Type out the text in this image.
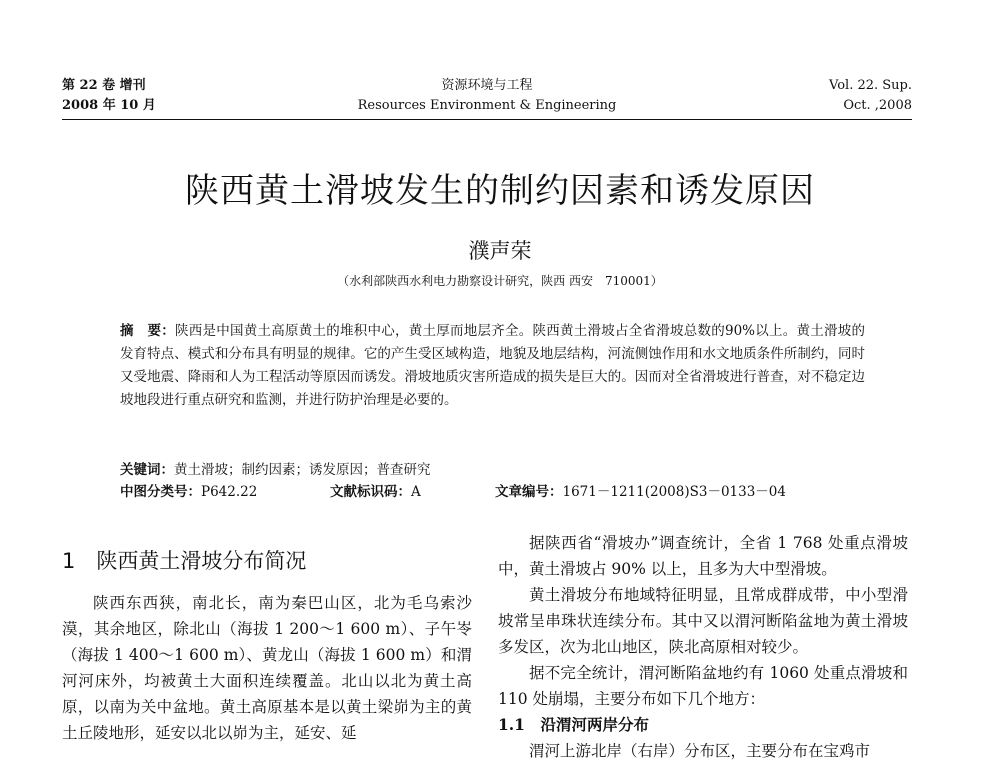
第 22 卷 增刊
2008 年 10 月
资源环境与工程
Resources Environment & Engineering
Vol. 22. Sup.
Oct. ,2008
陕西黄土滑坡发生的制约因素和诱发原因
濮声荣
（水利部陕西水利电力勘察设计研究，陕西 西安　710001）
摘　要：陕西是中国黄土高原黄土的堆积中心，黄土厚而地层齐全。陕西黄土滑坡占全省滑坡总数的90%以上。黄土滑坡的发育特点、模式和分布具有明显的规律。它的产生受区域构造，地貌及地层结构，河流侧蚀作用和水文地质条件所制约，同时又受地震、降雨和人为工程活动等原因而诱发。滑坡地质灾害所造成的损失是巨大的。因而对全省滑坡进行普查，对不稳定边坡地段进行重点研究和监测，并进行防护治理是必要的。
关键词：黄土滑坡；制约因素；诱发原因；普查研究
中图分类号：P642.22	文献标识码：A	文章编号：1671－1211(2008)S3－0133－04
1　陕西黄土滑坡分布简况

陕西东西狭，南北长，南为秦巴山区，北为毛乌索沙漠，其余地区，除北山（海拔 1 200～1 600 m）、子午岺（海拔 1 400～1 600 m）、黄龙山（海拔 1 600 m）和渭河河床外，均被黄土大面积连续覆盖。北山以北为黄土高原，以南为关中盆地。黄土高原基本是以黄土梁峁为主的黄土丘陵地形，延安以北以峁为主，延安、延

据陕西省“滑坡办”调查统计，全省 1 768 处重点滑坡中，黄土滑坡占 90% 以上，且多为大中型滑坡。

黄土滑坡分布地域特征明显，且常成群成带，中小型滑坡常呈串珠状连续分布。其中又以渭河断陷盆地为黄土滑坡多发区，次为北山地区，陕北高原相对较少。

据不完全统计，渭河断陷盆地约有 1060 处重点滑坡和 110 处崩塌，主要分布如下几个地方：

1.1　沿渭河两岸分布

渭河上游北岸（右岸）分布区，主要分布在宝鸡市
